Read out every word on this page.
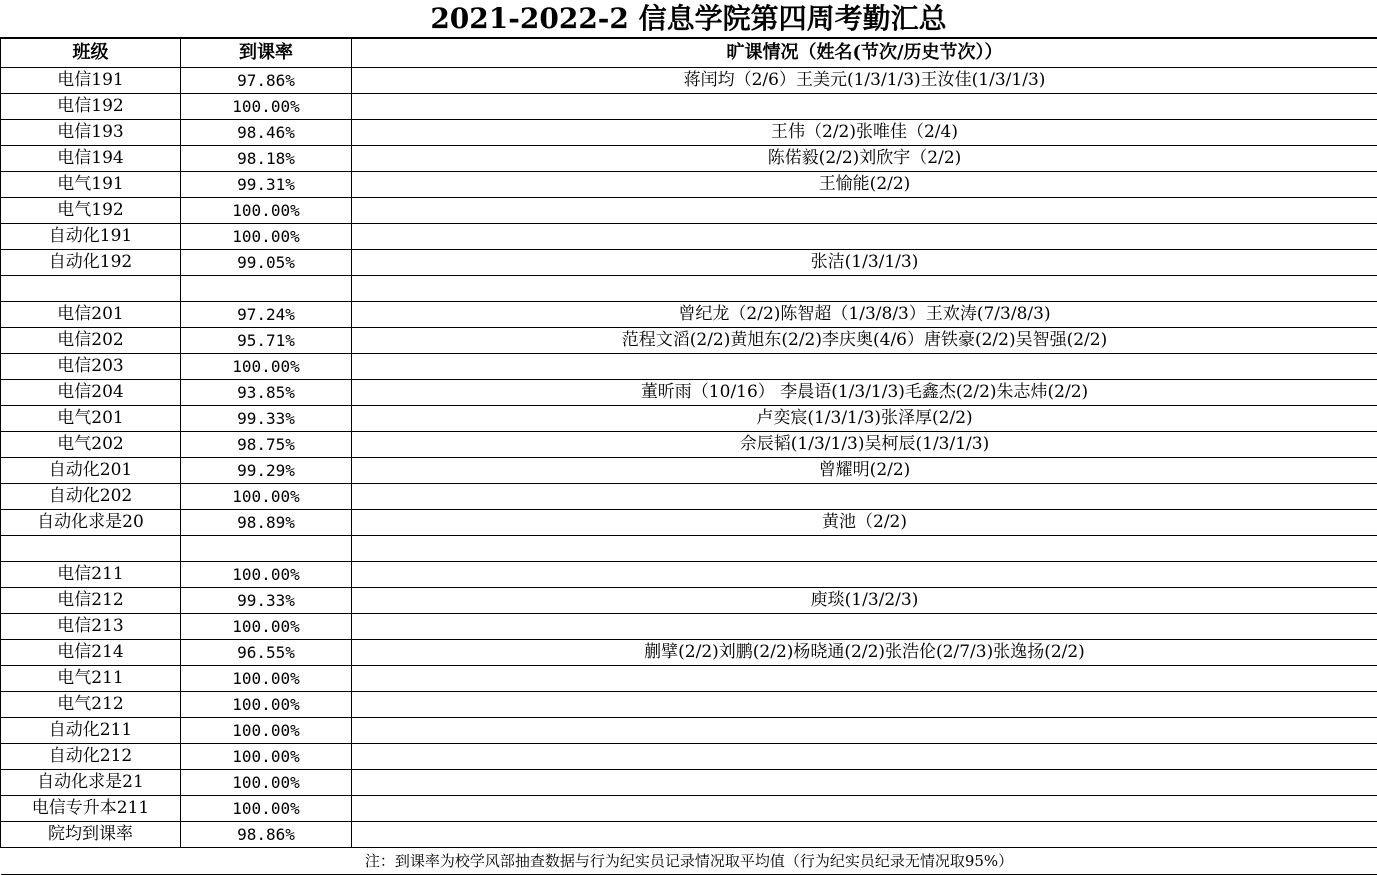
2021-2022-2 信息学院第四周考勤汇总
班级	到课率	旷课情况（姓名(节次/历史节次））
电信191	97.86%	蒋闰均（2/6）王美元(1/3/1/3)王汝佳(1/3/1/3)
电信192	100.00%	
电信193	98.46%	王伟（2/2)张唯佳（2/4)
电信194	98.18%	陈偌毅(2/2)刘欣宇（2/2)
电气191	99.31%	王愉能(2/2)
电气192	100.00%	
自动化191	100.00%	
自动化192	99.05%	张洁(1/3/1/3)

电信201	97.24%	曾纪龙（2/2)陈智超（1/3/8/3）王欢涛(7/3/8/3)
电信202	95.71%	范程文滔(2/2)黄旭东(2/2)李庆奥(4/6）唐铁豪(2/2)吴智强(2/2)
电信203	100.00%	
电信204	93.85%	董昕雨（10/16） 李晨语(1/3/1/3)毛鑫杰(2/2)朱志炜(2/2)
电气201	99.33%	卢奕宸(1/3/1/3)张泽厚(2/2)
电气202	98.75%	佘辰韬(1/3/1/3)吴柯辰(1/3/1/3)
自动化201	99.29%	曾耀明(2/2)
自动化202	100.00%	
自动化求是20	98.89%	黄池（2/2)

电信211	100.00%	
电信212	99.33%	庾琰(1/3/2/3)
电信213	100.00%	
电信214	96.55%	蒯擘(2/2)刘鹏(2/2)杨晓通(2/2)张浩伦(2/7/3)张逸扬(2/2)
电气211	100.00%	
电气212	100.00%	
自动化211	100.00%	
自动化212	100.00%	
自动化求是21	100.00%	
电信专升本211	100.00%	
院均到课率	98.86%	
注：到课率为校学风部抽查数据与行为纪实员记录情况取平均值（行为纪实员纪录无情况取95%）		
